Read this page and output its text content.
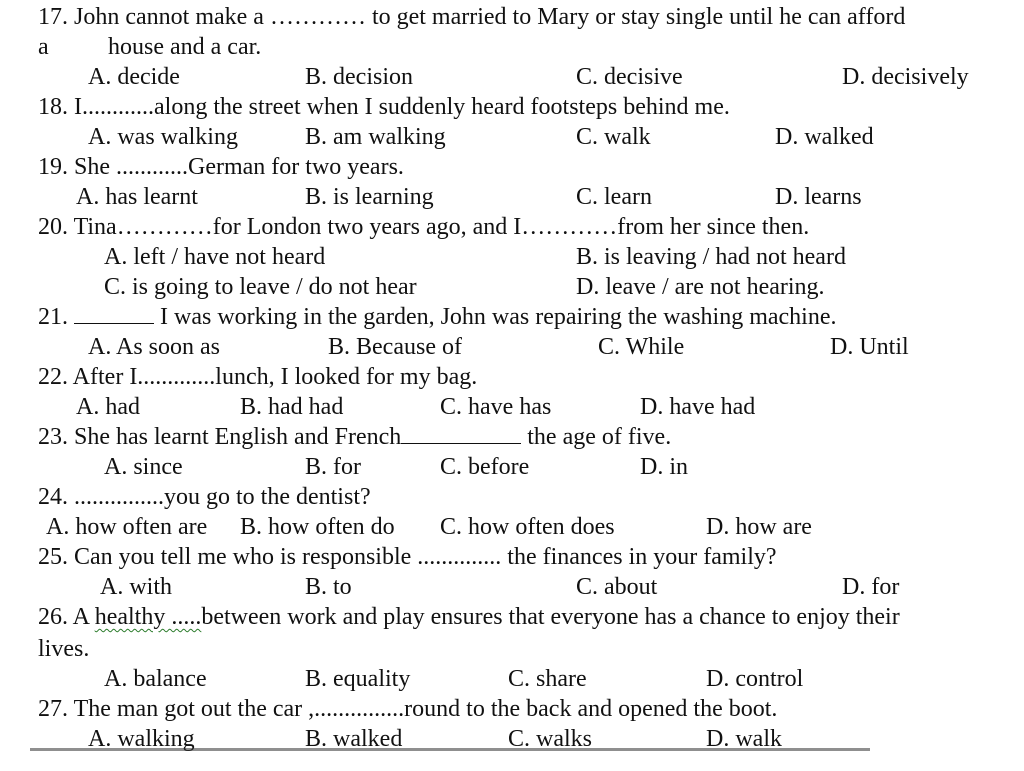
17. John cannot make a ………… to get married to Mary or stay single until he can afford
a house and a car.
A. decide	B. decision	C. decisive	D. decisively
18. I............along the street when I suddenly heard footsteps behind me.
A. was walking	B. am walking	C. walk	D. walked
19. She ............German for two years.
A. has learnt	B. is learning	C. learn	D. learns
20. Tina…………for London two years ago, and I…………from her since then.
A. left / have not heard	B. is leaving / had not heard
C. is going to leave / do not hear	D. leave / are not hearing.
21.	I was working in the garden, John was repairing the washing machine.
A. As soon as	B. Because of	C. While	D. Until
22. After I.............lunch, I looked for my bag.
A. had	B. had had	C. have has	D. have had
23. She has learnt English and French	the age of five.
A. since	B. for	C. before	D. in
24. ...............you go to the dentist?
A. how often are B. how often do C. how often does	D. how are
25. Can you tell me who is responsible .............. the finances in your family?
A. with	B. to	C. about	D. for
26. A healthy .....between work and play ensures that everyone has a chance to enjoy their
lives.
A. balance	B. equality	C. share	D. control
27. The man got out the car ,...............round to the back and opened the boot.
A. walking	B. walked	C. walks	D. walk
